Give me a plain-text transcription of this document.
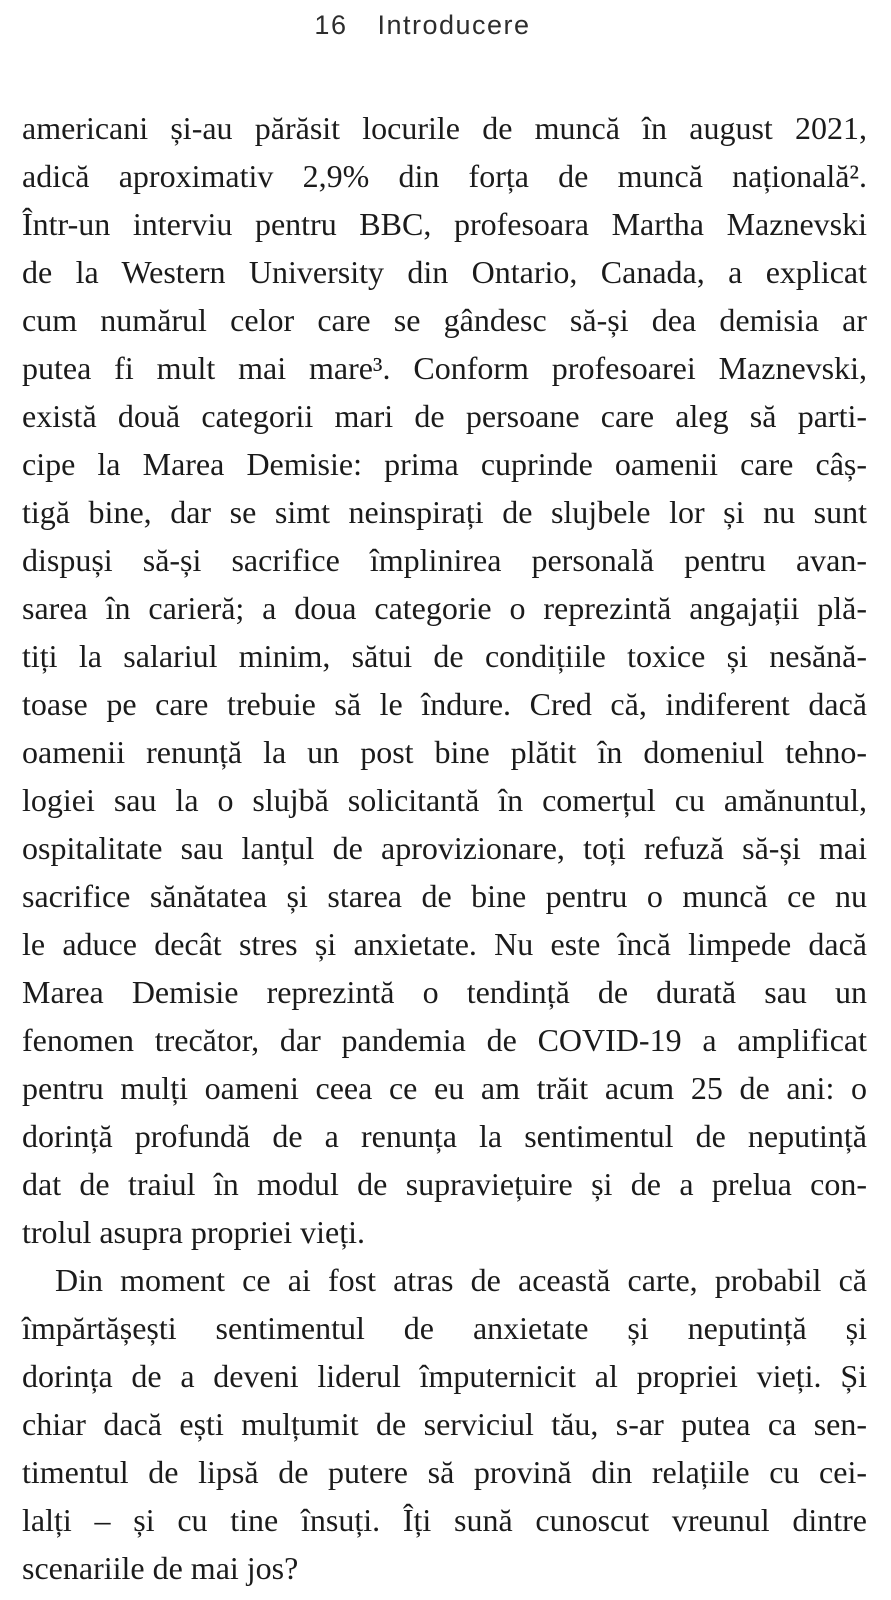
16 Introducere
americani și-au părăsit locurile de muncă în august 2021,
adică aproximativ 2,9% din forța de muncă națională².
Într-un interviu pentru BBC, profesoara Martha Maznevski
de la Western University din Ontario, Canada, a explicat
cum numărul celor care se gândesc să-și dea demisia ar
putea fi mult mai mare³. Conform profesoarei Maznevski,
există două categorii mari de persoane care aleg să parti-
cipe la Marea Demisie: prima cuprinde oamenii care câș-
tigă bine, dar se simt neinspirați de slujbele lor și nu sunt
dispuși să-și sacrifice împlinirea personală pentru avan-
sarea în carieră; a doua categorie o reprezintă angajații plă-
tiți la salariul minim, sătui de condițiile toxice și nesănă-
toase pe care trebuie să le îndure. Cred că, indiferent dacă
oamenii renunță la un post bine plătit în domeniul tehno-
logiei sau la o slujbă solicitantă în comerțul cu amănuntul,
ospitalitate sau lanțul de aprovizionare, toți refuză să-și mai
sacrifice sănătatea și starea de bine pentru o muncă ce nu
le aduce decât stres și anxietate. Nu este încă limpede dacă
Marea Demisie reprezintă o tendință de durată sau un
fenomen trecător, dar pandemia de COVID-19 a amplificat
pentru mulți oameni ceea ce eu am trăit acum 25 de ani: o
dorință profundă de a renunța la sentimentul de neputință
dat de traiul în modul de supraviețuire și de a prelua con-
trolul asupra propriei vieți.
Din moment ce ai fost atras de această carte, probabil că
împărtășești sentimentul de anxietate și neputință și
dorința de a deveni liderul împuternicit al propriei vieți. Și
chiar dacă ești mulțumit de serviciul tău, s-ar putea ca sen-
timentul de lipsă de putere să provină din relațiile cu cei-
lalți – și cu tine însuți. Îți sună cunoscut vreunul dintre
scenariile de mai jos?
